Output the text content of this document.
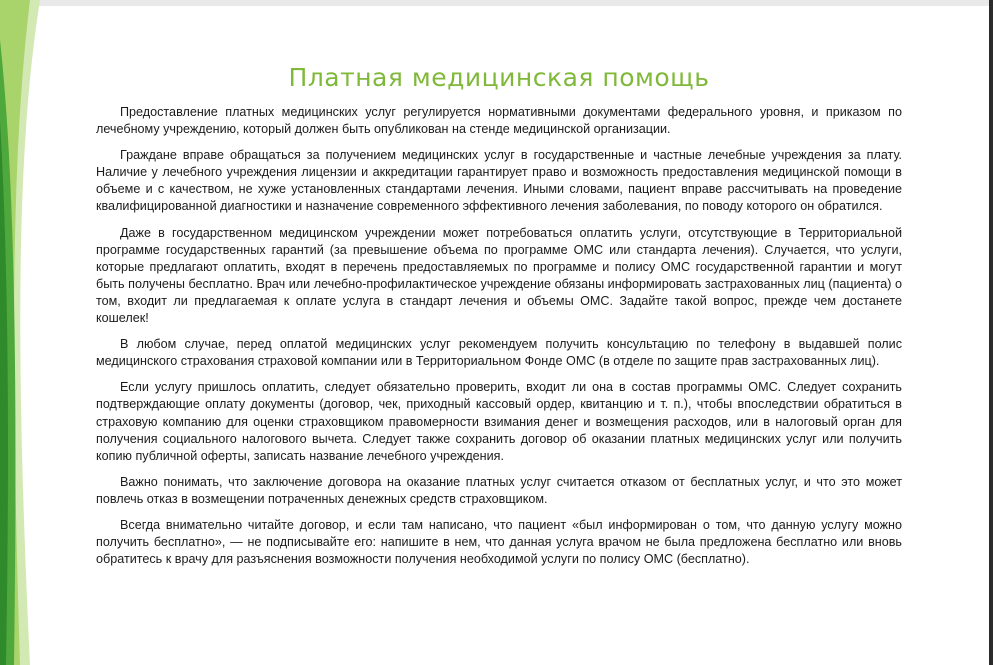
Платная медицинская помощь

Предоставление платных медицинских услуг регулируется нормативными документами федерального уровня, и приказом по лечебному учреждению, который должен быть опубликован на стенде медицинской организации.

Граждане вправе обращаться за получением медицинских услуг в государственные и частные лечебные учреждения за плату. Наличие у лечебного учреждения лицензии и аккредитации гарантирует право и возможность предоставления медицинской помощи в объеме и с качеством, не хуже установленных стандартами лечения. Иными словами, пациент вправе рассчитывать на проведение квалифицированной диагностики и назначение современного эффективного лечения заболевания, по поводу которого он обратился.

Даже в государственном медицинском учреждении может потребоваться оплатить услуги, отсутствующие в Территориальной программе государственных гарантий (за превышение объема по программе ОМС или стандарта лечения). Случается, что услуги, которые предлагают оплатить, входят в перечень предоставляемых по программе и полису ОМС государственной гарантии и могут быть получены бесплатно. Врач или лечебно-профилактическое учреждение обязаны информировать застрахованных лиц (пациента) о том, входит ли предлагаемая к оплате услуга в стандарт лечения и объемы ОМС. Задайте такой вопрос, прежде чем достанете кошелек!

В любом случае, перед оплатой медицинских услуг рекомендуем получить консультацию по телефону в выдавшей полис медицинского страхования страховой компании или в Территориальном Фонде ОМС (в отделе по защите прав застрахованных лиц).

Если услугу пришлось оплатить, следует обязательно проверить, входит ли она в состав программы ОМС. Следует сохранить подтверждающие оплату документы (договор, чек, приходный кассовый ордер, квитанцию и т. п.), чтобы впоследствии обратиться в страховую компанию для оценки страховщиком правомерности взимания денег и возмещения расходов, или в налоговый орган для получения социального налогового вычета. Следует также сохранить договор об оказании платных медицинских услуг или получить копию публичной оферты, записать название лечебного учреждения.

Важно понимать, что заключение договора на оказание платных услуг считается отказом от бесплатных услуг, и что это может повлечь отказ в возмещении потраченных денежных средств страховщиком.

Всегда внимательно читайте договор, и если там написано, что пациент «был информирован о том, что данную услугу можно получить бесплатно», — не подписывайте его: напишите в нем, что данная услуга врачом не была предложена бесплатно или вновь обратитесь к врачу для разъяснения возможности получения необходимой услуги по полису ОМС (бесплатно).
